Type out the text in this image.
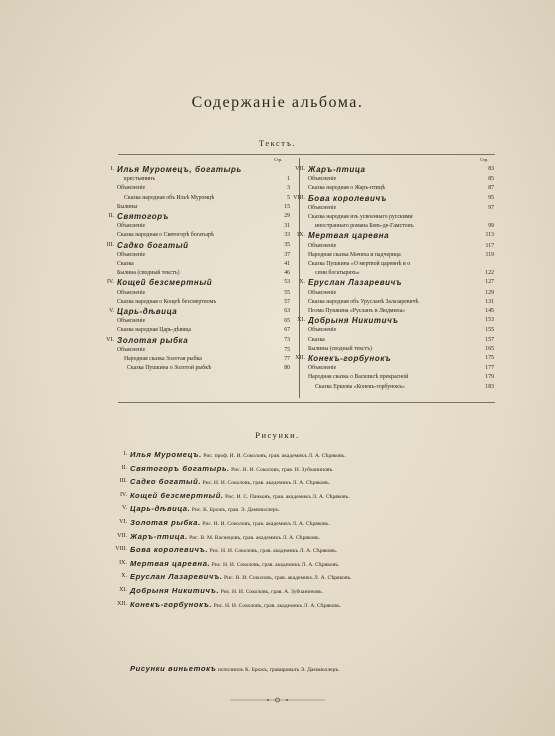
Содержаніе альбома.
Текстъ.
Стр.	Стр.
I. Илья Муромецъ, богатырь
крестьянинъ	1
Объясненіе	3
Сказка народная объ Ильѣ Муромцѣ	5
Былины	15
II. Святогоръ	29
Объясненіе	31
Сказка народная о Святогорѣ богатырѣ	33
III. Садко богатый	35
Объясненіе	37
Сказка	41
Былина (сводный текстъ)	46
IV. Кощей безсмертный	53
Объясненіе	55
Сказка народная о Кощеѣ безсмертномъ	57
V. Царь-дѣвица	63
Объясненіе	65
Сказка народная Царь-дѣвица	67
VI. Золотая рыбка	73
Объясненіе	75
Народная сказка Золотая рыбка	77
Сказка Пушкина о Золотой рыбкѣ	80
VII. Жаръ-птица	83
Объясненіе	85
Сказка народная о Жаръ-птицѣ	87
VIII. Бова королевичъ	95
Объясненіе	97
Сказка народная изъ усвоеннаго русскими
иностраннаго романа Бевъ-де-Гамстонъ	99
IX. Мертвая царевна	113
Объясненіе	117
Народная сказка Мачиха и падчерица	119
Сказка Пушкина «О мертвой царевнѣ и о
семи богатыряхъ»	122
X. Еруслан Лазаревичъ	127
Объясненіе	129
Сказка народная объ Урусланѣ Залазаревичѣ	131
Поэма Пушкина «Русланъ и Людмила»	145
XI. Добрыня Никитичъ	153
Объясненіе	155
Сказка	157
Былины (сводный текстъ)	165
XII. Конекъ-горбунокъ	175
Объясненіе	177
Народная сказка о Василисѣ прекрасной	179
Сказка Ершова «Конекъ-горбунокъ»	183
Рисунки.
I. Илья Муромецъ. Рис. проф. И. И. Соколовъ, грав. академикъ Л. А. Сѣряковъ.
II. Святогоръ богатырь. Рис. Н. И. Соколовъ, грав. Н. Зубчаниновъ.
III. Садко богатый. Рис. Н. И. Соколовъ, грав. академикъ Л. А. Сѣряковъ.
IV. Кощей безсмертный. Рис. И. С. Панковъ, грав. академикъ Л. А. Сѣряковъ.
V. Царь-дѣвица. Рис. К. Брожъ, грав. Э. Даммюллеръ.
VI. Золотая рыбка. Рис. Н. И. Соколовъ, грав. академикъ Л. А. Сѣряковъ.
VII. Жаръ-птица. Рис. В. М. Васнецовъ, грав. академикъ Л. А. Сѣряковъ.
VIII. Бова королевичъ. Рис. Н. И. Соколовъ, грав. академикъ Л. А. Сѣряковъ.
IX. Мертвая царевна. Рис. Н. И. Соколовъ, грав. академикъ Л. А. Сѣряковъ.
X. Еруслан Лазаревичъ. Рис. Н. И. Соколовъ, грав. академикъ Л. А. Сѣряковъ.
XI. Добрыня Никитичъ. Рис. Н. И. Соколовъ, грав. А. Зубчаниновъ.
XII. Конекъ-горбунокъ. Рис. Н. И. Соколовъ, грав. академикъ Л. А. Сѣряковъ.
Рисунки виньетокъ исполнилъ К. Брожъ, гравировалъ Э. Даммюллеръ.
